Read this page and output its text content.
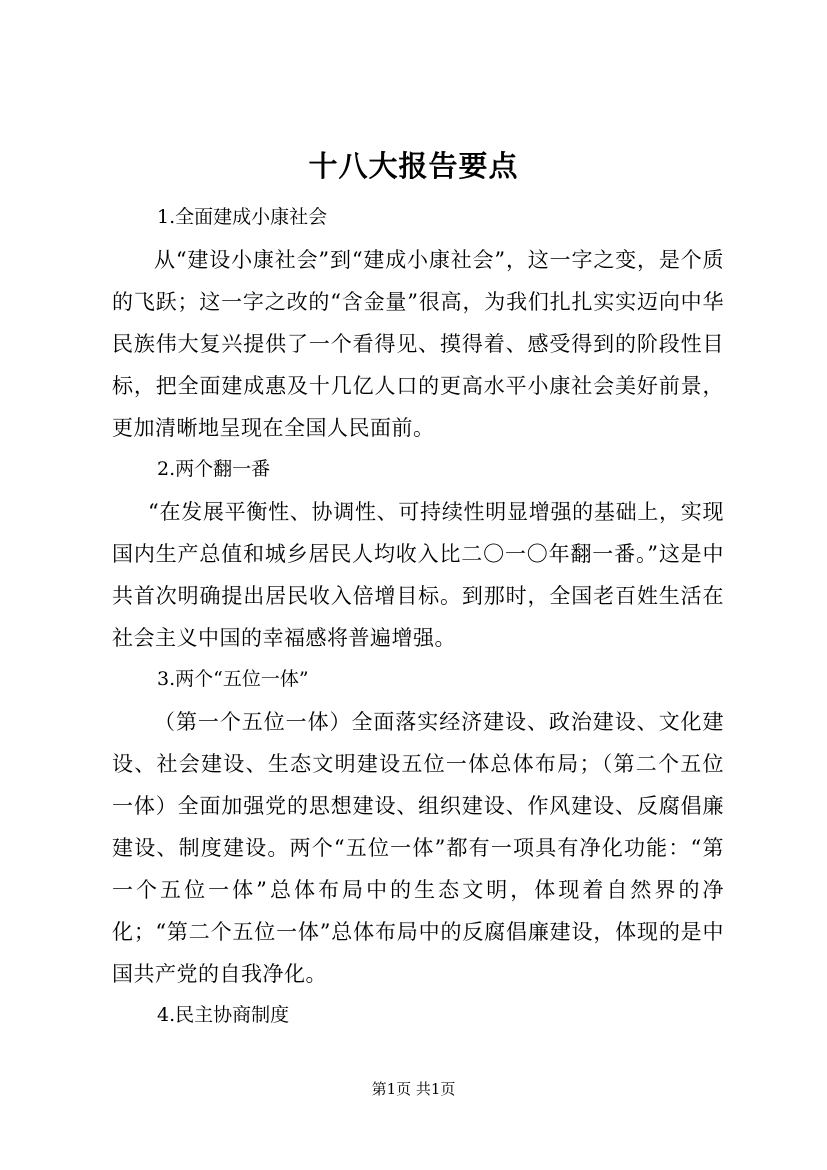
十八大报告要点
1.全面建成小康社会

从“建设小康社会”到“建成小康社会”，这一字之变，是个质的飞跃；这一字之改的“含金量”很高，为我们扎扎实实迈向中华民族伟大复兴提供了一个看得见、摸得着、感受得到的阶段性目标，把全面建成惠及十几亿人口的更高水平小康社会美好前景，更加清晰地呈现在全国人民面前。

2.两个翻一番

“在发展平衡性、协调性、可持续性明显增强的基础上，实现国内生产总值和城乡居民人均收入比二〇一〇年翻一番。”这是中共首次明确提出居民收入倍增目标。到那时，全国老百姓生活在社会主义中国的幸福感将普遍增强。

3.两个“五位一体”

（第一个五位一体）全面落实经济建设、政治建设、文化建设、社会建设、生态文明建设五位一体总体布局；（第二个五位一体）全面加强党的思想建设、组织建设、作风建设、反腐倡廉建设、制度建设。两个“五位一体”都有一项具有净化功能：“第一个五位一体”总体布局中的生态文明，体现着自然界的净化；“第二个五位一体”总体布局中的反腐倡廉建设，体现的是中国共产党的自我净化。

4.民主协商制度
第1页 共1页
